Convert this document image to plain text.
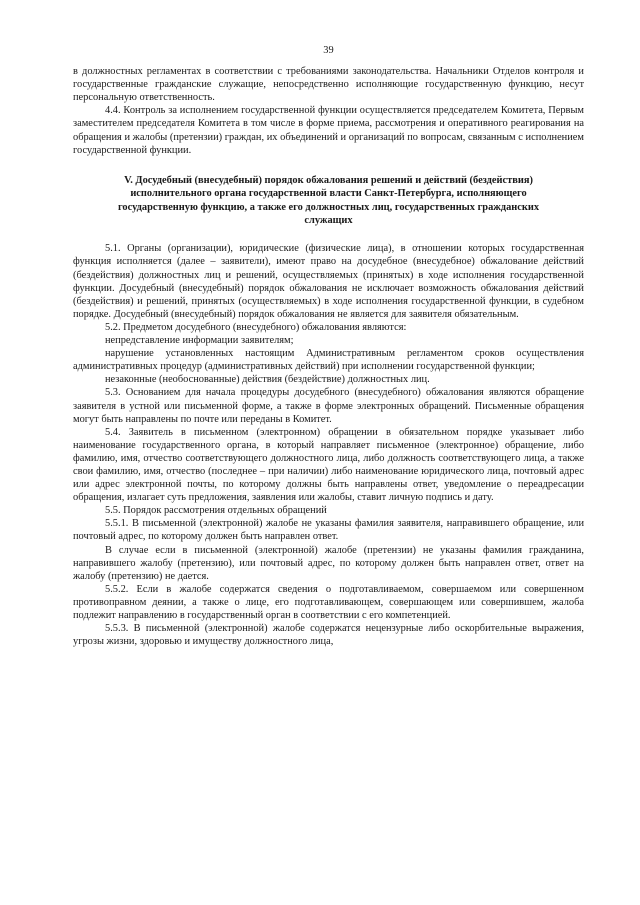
39

в должностных регламентах в соответствии с требованиями законодательства. Начальники Отделов контроля и государственные гражданские служащие, непосредственно исполняющие государственную функцию, несут персональную ответственность.

4.4. Контроль за исполнением государственной функции осуществляется председателем Комитета, Первым заместителем председателя Комитета в том числе в форме приема, рассмотрения и оперативного реагирования на обращения и жалобы (претензии) граждан, их объединений и организаций по вопросам, связанным с исполнением государственной функции.

V. Досудебный (внесудебный) порядок обжалования решений и действий (бездействия) исполнительного органа государственной власти Санкт-Петербурга, исполняющего государственную функцию, а также его должностных лиц, государственных гражданских служащих

5.1. Органы (организации), юридические (физические лица), в отношении которых государственная функция исполняется (далее – заявители), имеют право на досудебное (внесудебное) обжалование действий (бездействия) должностных лиц и решений, осуществляемых (принятых) в ходе исполнения государственной функции. Досудебный (внесудебный) порядок обжалования не исключает возможность обжалования действий (бездействия) и решений, принятых (осуществляемых) в ходе исполнения государственной функции, в судебном порядке. Досудебный (внесудебный) порядок обжалования не является для заявителя обязательным.

5.2. Предметом досудебного (внесудебного) обжалования являются:

непредставление информации заявителям;

нарушение установленных настоящим Административным регламентом сроков осуществления административных процедур (административных действий) при исполнении государственной функции;

незаконные (необоснованные) действия (бездействие) должностных лиц.

5.3. Основанием для начала процедуры досудебного (внесудебного) обжалования являются обращение заявителя в устной или письменной форме, а также в форме электронных обращений. Письменные обращения могут быть направлены по почте или переданы в Комитет.

5.4. Заявитель в письменном (электронном) обращении в обязательном порядке указывает либо наименование государственного органа, в который направляет письменное (электронное) обращение, либо фамилию, имя, отчество соответствующего должностного лица, либо должность соответствующего лица, а также свои фамилию, имя, отчество (последнее – при наличии) либо наименование юридического лица, почтовый адрес или адрес электронной почты, по которому должны быть направлены ответ, уведомление о переадресации обращения, излагает суть предложения, заявления или жалобы, ставит личную подпись и дату.

5.5. Порядок рассмотрения отдельных обращений

5.5.1. В письменной (электронной) жалобе не указаны фамилия заявителя, направившего обращение, или почтовый адрес, по которому должен быть направлен ответ.

В случае если в письменной (электронной) жалобе (претензии) не указаны фамилия гражданина, направившего жалобу (претензию), или почтовый адрес, по которому должен быть направлен ответ, ответ на жалобу (претензию) не дается.

5.5.2. Если в жалобе содержатся сведения о подготавливаемом, совершаемом или совершенном противоправном деянии, а также о лице, его подготавливающем, совершающем или совершившем, жалоба подлежит направлению в государственный орган в соответствии с его компетенцией.

5.5.3. В письменной (электронной) жалобе содержатся нецензурные либо оскорбительные выражения, угрозы жизни, здоровью и имуществу должностного лица,
